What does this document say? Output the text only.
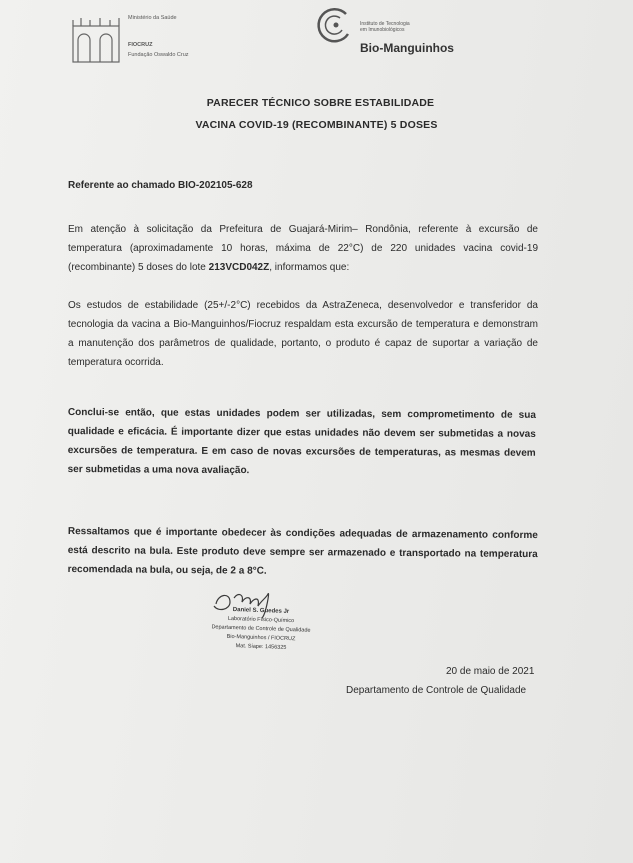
Ministério da Saúde
FIOCRUZ
Fundação Oswaldo Cruz
Instituto de Tecnologia
em Imunobiológicos
Bio-Manguinhos
PARECER TÉCNICO SOBRE ESTABILIDADE
VACINA COVID-19 (RECOMBINANTE) 5 DOSES
Referente ao chamado BIO-202105-628
Em atenção à solicitação da Prefeitura de Guajará-Mirim– Rondônia, referente à excursão de temperatura (aproximadamente 10 horas, máxima de 22°C) de 220 unidades vacina covid-19 (recombinante) 5 doses do lote 213VCD042Z, informamos que:
Os estudos de estabilidade (25+/-2°C) recebidos da AstraZeneca, desenvolvedor e transferidor da tecnologia da vacina a Bio-Manguinhos/Fiocruz respaldam esta excursão de temperatura e demonstram a manutenção dos parâmetros de qualidade, portanto, o produto é capaz de suportar a variação de temperatura ocorrida.
Conclui-se então, que estas unidades podem ser utilizadas, sem comprometimento de sua qualidade e eficácia. É importante dizer que estas unidades não devem ser submetidas a novas excursões de temperatura. E em caso de novas excursões de temperaturas, as mesmas devem ser submetidas a uma nova avaliação.
Ressaltamos que é importante obedecer às condições adequadas de armazenamento conforme está descrito na bula. Este produto deve sempre ser armazenado e transportado na temperatura recomendada na bula, ou seja, de 2 a 8°C.
Daniel S. Guedes Jr
Laboratório Físico-Químico
Departamento de Controle de Qualidade
Bio-Manguinhos / FIOCRUZ
Mat. Siape: 1456325
20 de maio de 2021
Departamento de Controle de Qualidade
